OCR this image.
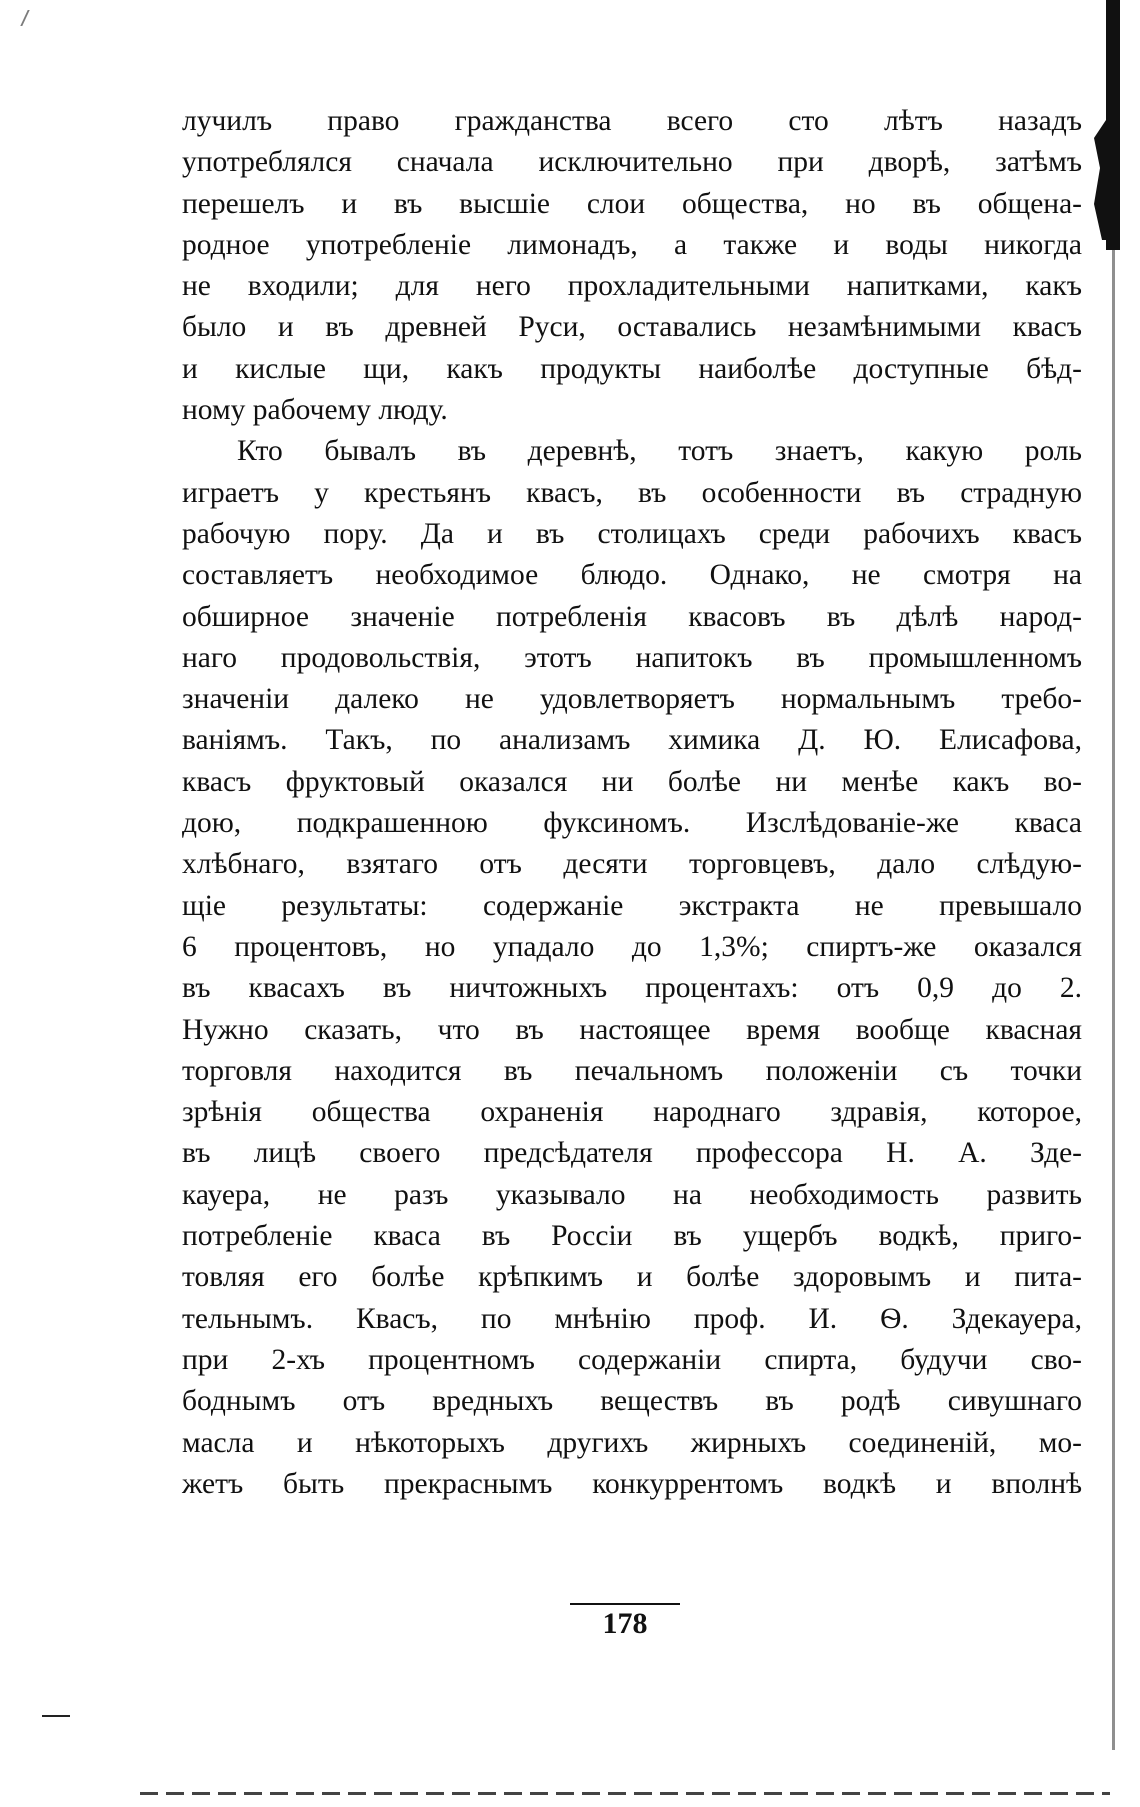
лучилъ право гражданства всего сто лѣтъ назадъ
употреблялся сначала исключительно при дворѣ, затѣмъ
перешелъ и въ высшіе слои общества, но въ общена-
родное употребленіе лимонадъ, а также и воды никогда
не входили; для него прохладительными напитками, какъ
было и въ древней Руси, оставались незамѣнимыми квасъ
и кислые щи, какъ продукты наиболѣе доступные бѣд-
ному рабочему люду.
Кто бывалъ въ деревнѣ, тотъ знаетъ, какую роль
играетъ у крестьянъ квасъ, въ особенности въ страдную
рабочую пору. Да и въ столицахъ среди рабочихъ квасъ
составляетъ необходимое блюдо. Однако, не смотря на
обширное значеніе потребленія квасовъ въ дѣлѣ народ-
наго продовольствія, этотъ напитокъ въ промышленномъ
значеніи далеко не удовлетворяетъ нормальнымъ требо-
ваніямъ. Такъ, по анализамъ химика Д. Ю. Елисафова,
квасъ фруктовый оказался ни болѣе ни менѣе какъ во-
дою, подкрашенною фуксиномъ. Изслѣдованіе-же кваса
хлѣбнаго, взятаго отъ десяти торговцевъ, дало слѣдую-
щіе результаты: содержаніе экстракта не превышало
6 процентовъ, но упадало до 1,3%; спиртъ-же оказался
въ квасахъ въ ничтожныхъ процентахъ: отъ 0,9 до 2.
Нужно сказать, что въ настоящее время вообще квасная
торговля находится въ печальномъ положеніи съ точки
зрѣнія общества охраненія народнаго здравія, которое,
въ лицѣ своего предсѣдателя профессора Н. А. Зде-
кауера, не разъ указывало на необходимость развить
потребленіе кваса въ Россіи въ ущербъ водкѣ, приго-
товляя его болѣе крѣпкимъ и болѣе здоровымъ и пита-
тельнымъ. Квасъ, по мнѣнію проф. И. Ѳ. Здекауера,
при 2-хъ процентномъ содержаніи спирта, будучи сво-
боднымъ отъ вредныхъ веществъ въ родѣ сивушнаго
масла и нѣкоторыхъ другихъ жирныхъ соединеній, мо-
жетъ быть прекраснымъ конкуррентомъ водкѣ и вполнѣ
178
